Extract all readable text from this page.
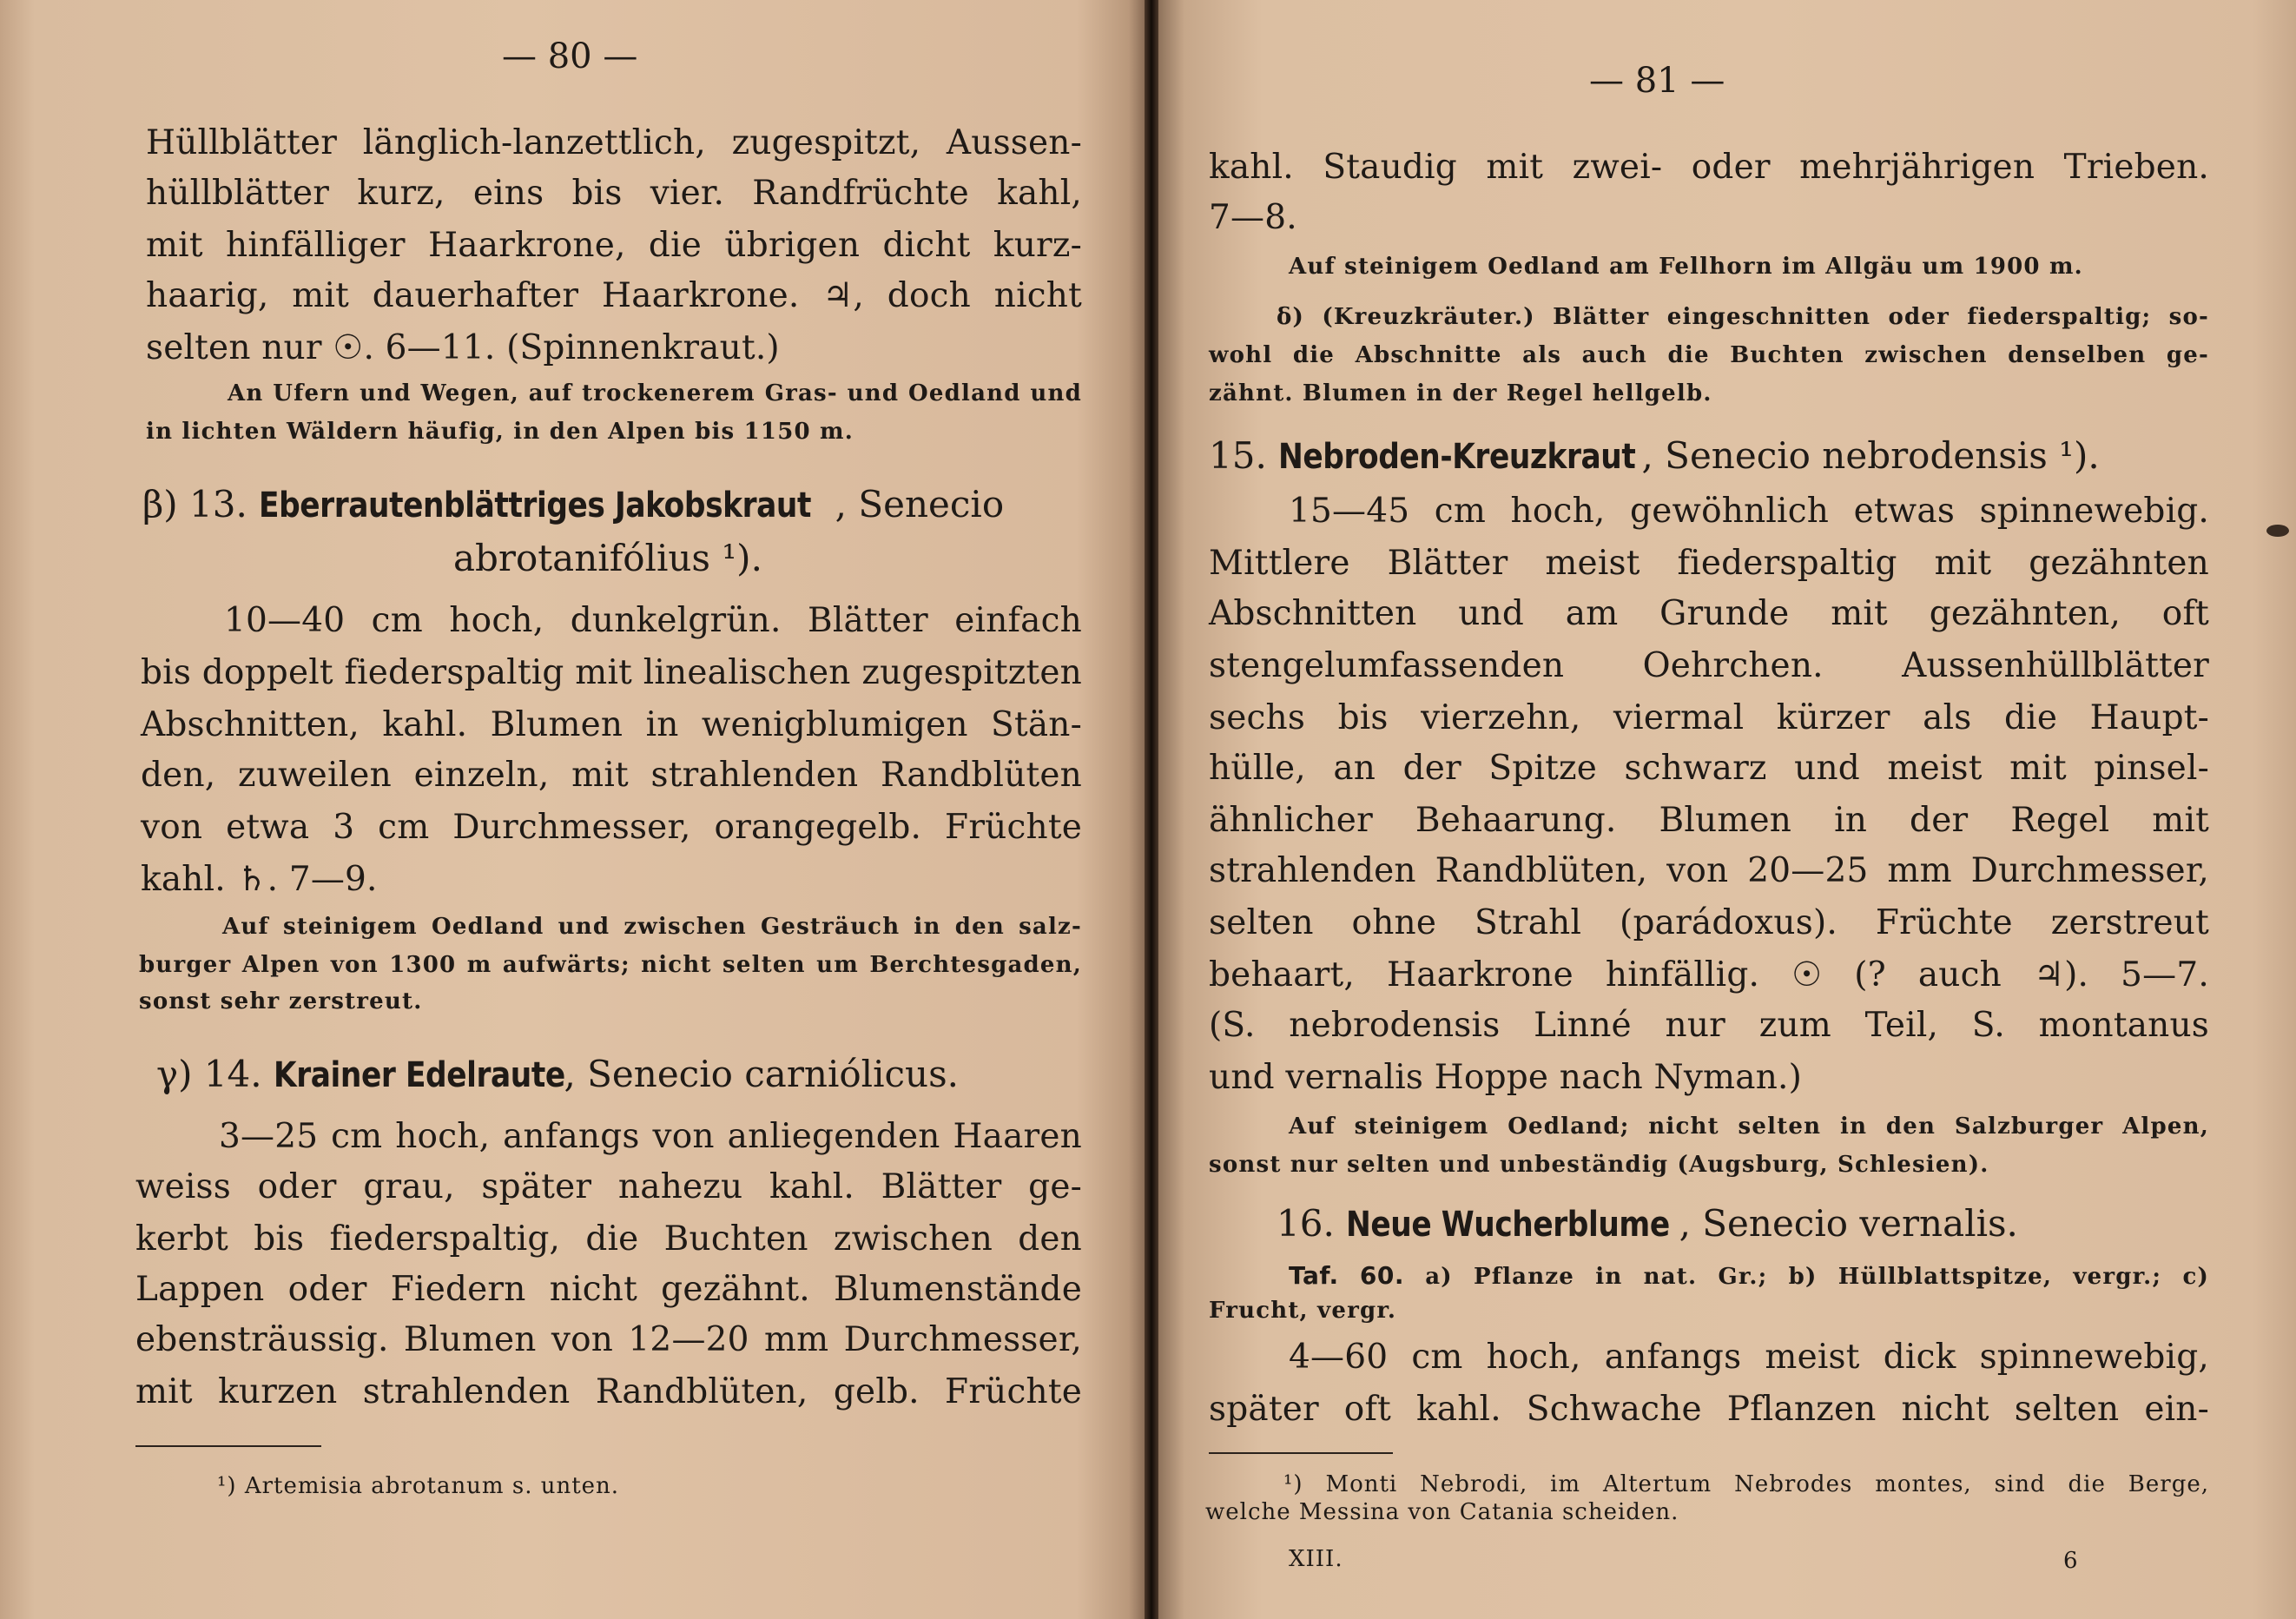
— 80 —
Hüllblätter länglich-lanzettlich, zugespitzt, Aussen-
hüllblätter kurz, eins bis vier. Randfrüchte kahl,
mit hinfälliger Haarkrone, die übrigen dicht kurz-
haarig, mit dauerhafter Haarkrone. ♃, doch nicht
selten nur ☉. 6—11. (Spinnenkraut.)
An Ufern und Wegen, auf trockenerem Gras- und Oedland und
in lichten Wäldern häufig, in den Alpen bis 1150 m.
β) 13. Eberrautenblättriges Jakobskraut , Senecio
abrotanifólius ¹).
10—40 cm hoch, dunkelgrün. Blätter einfach
bis doppelt fiederspaltig mit linealischen zugespitzten
Abschnitten, kahl. Blumen in wenigblumigen Stän-
den, zuweilen einzeln, mit strahlenden Randblüten
von etwa 3 cm Durchmesser, orangegelb. Früchte
kahl. ♄. 7—9.
Auf steinigem Oedland und zwischen Gesträuch in den salz-
burger Alpen von 1300 m aufwärts; nicht selten um Berchtesgaden,
sonst sehr zerstreut.
γ) 14. Krainer Edelraute, Senecio carniólicus.
3—25 cm hoch, anfangs von anliegenden Haaren
weiss oder grau, später nahezu kahl. Blätter ge-
kerbt bis fiederspaltig, die Buchten zwischen den
Lappen oder Fiedern nicht gezähnt. Blumenstände
ebensträussig. Blumen von 12—20 mm Durchmesser,
mit kurzen strahlenden Randblüten, gelb. Früchte
¹) Artemisia abrotanum s. unten.
— 81 —
kahl. Staudig mit zwei- oder mehrjährigen Trieben.
7—8.
Auf steinigem Oedland am Fellhorn im Allgäu um 1900 m.
δ) (Kreuzkräuter.) Blätter eingeschnitten oder fiederspaltig; so-
wohl die Abschnitte als auch die Buchten zwischen denselben ge-
zähnt. Blumen in der Regel hellgelb.
15. Nebroden-Kreuzkraut , Senecio nebrodensis ¹).
15—45 cm hoch, gewöhnlich etwas spinnewebig.
Mittlere Blätter meist fiederspaltig mit gezähnten
Abschnitten und am Grunde mit gezähnten, oft
stengelumfassenden Oehrchen. Aussenhüllblätter
sechs bis vierzehn, viermal kürzer als die Haupt-
hülle, an der Spitze schwarz und meist mit pinsel-
ähnlicher Behaarung. Blumen in der Regel mit
strahlenden Randblüten, von 20—25 mm Durchmesser,
selten ohne Strahl (parádoxus). Früchte zerstreut
behaart, Haarkrone hinfällig. ☉ (? auch ♃). 5—7.
(S. nebrodensis Linné nur zum Teil, S. montanus
und vernalis Hoppe nach Nyman.)
Auf steinigem Oedland; nicht selten in den Salzburger Alpen,
sonst nur selten und unbeständig (Augsburg, Schlesien).
16. Neue Wucherblume , Senecio vernalis.
Taf. 60. a) Pflanze in nat. Gr.; b) Hüllblattspitze, vergr.; c)
Frucht, vergr.
4—60 cm hoch, anfangs meist dick spinnewebig,
später oft kahl. Schwache Pflanzen nicht selten ein-
¹) Monti Nebrodi, im Altertum Nebrodes montes, sind die Berge,
welche Messina von Catania scheiden.
XIII.	6
